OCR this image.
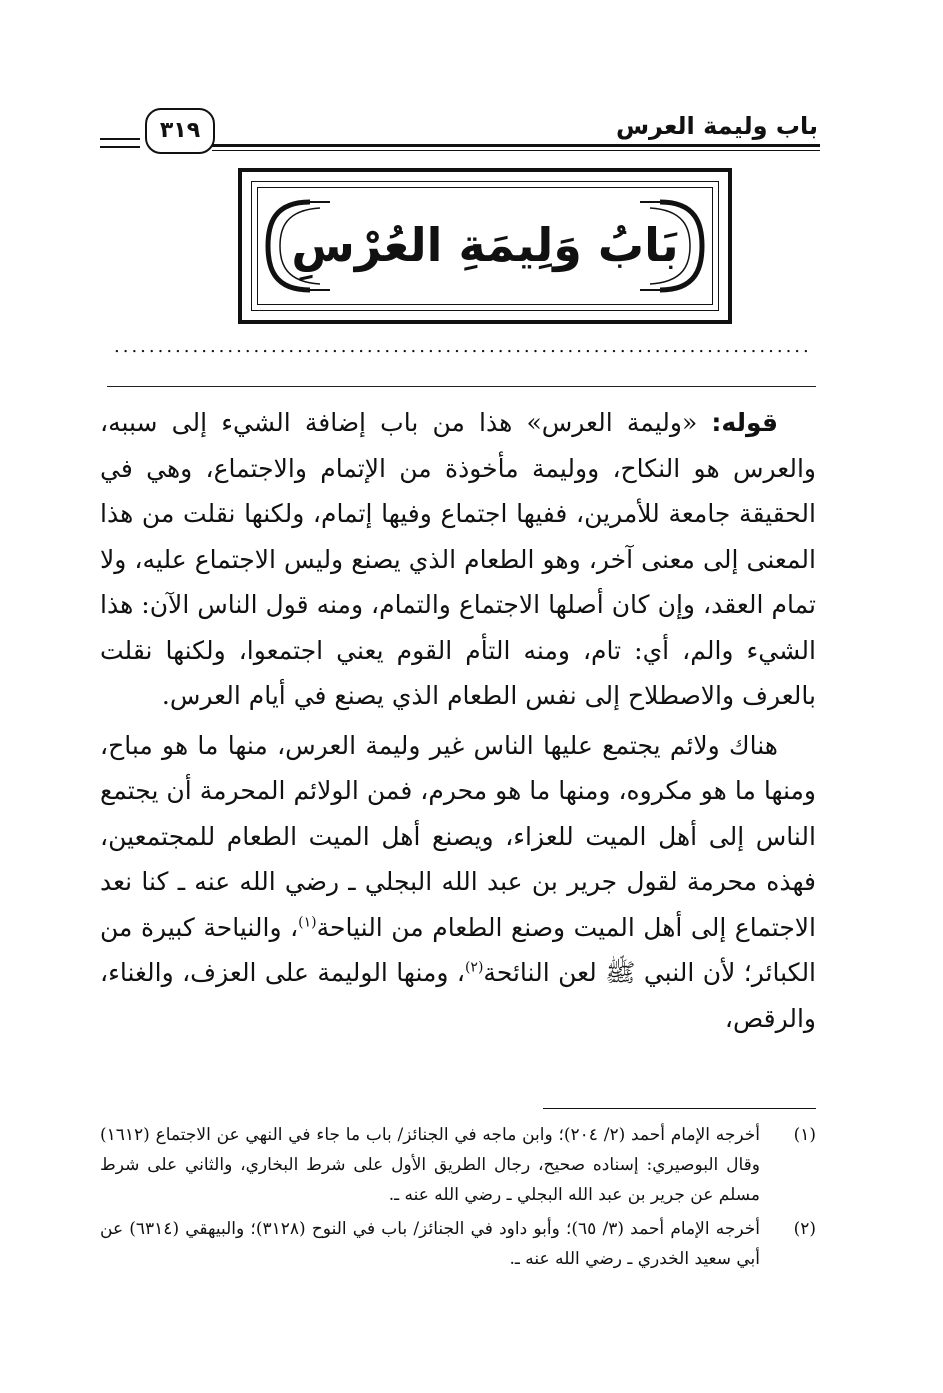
باب وليمة العرس
٣١٩
بَابُ وَلِيمَةِ العُرْسِ
................................................................................

قوله: «وليمة العرس» هذا من باب إضافة الشيء إلى سببه، والعرس هو النكاح، ووليمة مأخوذة من الإتمام والاجتماع، وهي في الحقيقة جامعة للأمرين، ففيها اجتماع وفيها إتمام، ولكنها نقلت من هذا المعنى إلى معنى آخر، وهو الطعام الذي يصنع وليس الاجتماع عليه، ولا تمام العقد، وإن كان أصلها الاجتماع والتمام، ومنه قول الناس الآن: هذا الشيء والم، أي: تام، ومنه التأم القوم يعني اجتمعوا، ولكنها نقلت بالعرف والاصطلاح إلى نفس الطعام الذي يصنع في أيام العرس.

هناك ولائم يجتمع عليها الناس غير وليمة العرس، منها ما هو مباح، ومنها ما هو مكروه، ومنها ما هو محرم، فمن الولائم المحرمة أن يجتمع الناس إلى أهل الميت للعزاء، ويصنع أهل الميت الطعام للمجتمعين، فهذه محرمة لقول جرير بن عبد الله البجلي ـ رضي الله عنه ـ كنا نعد الاجتماع إلى أهل الميت وصنع الطعام من النياحة$^{(١)}$، والنياحة كبيرة من الكبائر؛ لأن النبي ﷺ لعن النائحة$^{(٢)}$، ومنها الوليمة على العزف، والغناء، والرقص،

(١)
أخرجه الإمام أحمد (٢/ ٢٠٤)؛ وابن ماجه في الجنائز/ باب ما جاء في النهي عن الاجتماع (١٦١٢) وقال البوصيري: إسناده صحيح، رجال الطريق الأول على شرط البخاري، والثاني على شرط مسلم عن جرير بن عبد الله البجلي ـ رضي الله عنه ـ.
(٢)
أخرجه الإمام أحمد (٣/ ٦٥)؛ وأبو داود في الجنائز/ باب في النوح (٣١٢٨)؛ والبيهقي (٦٣١٤) عن أبي سعيد الخدري ـ رضي الله عنه ـ.
